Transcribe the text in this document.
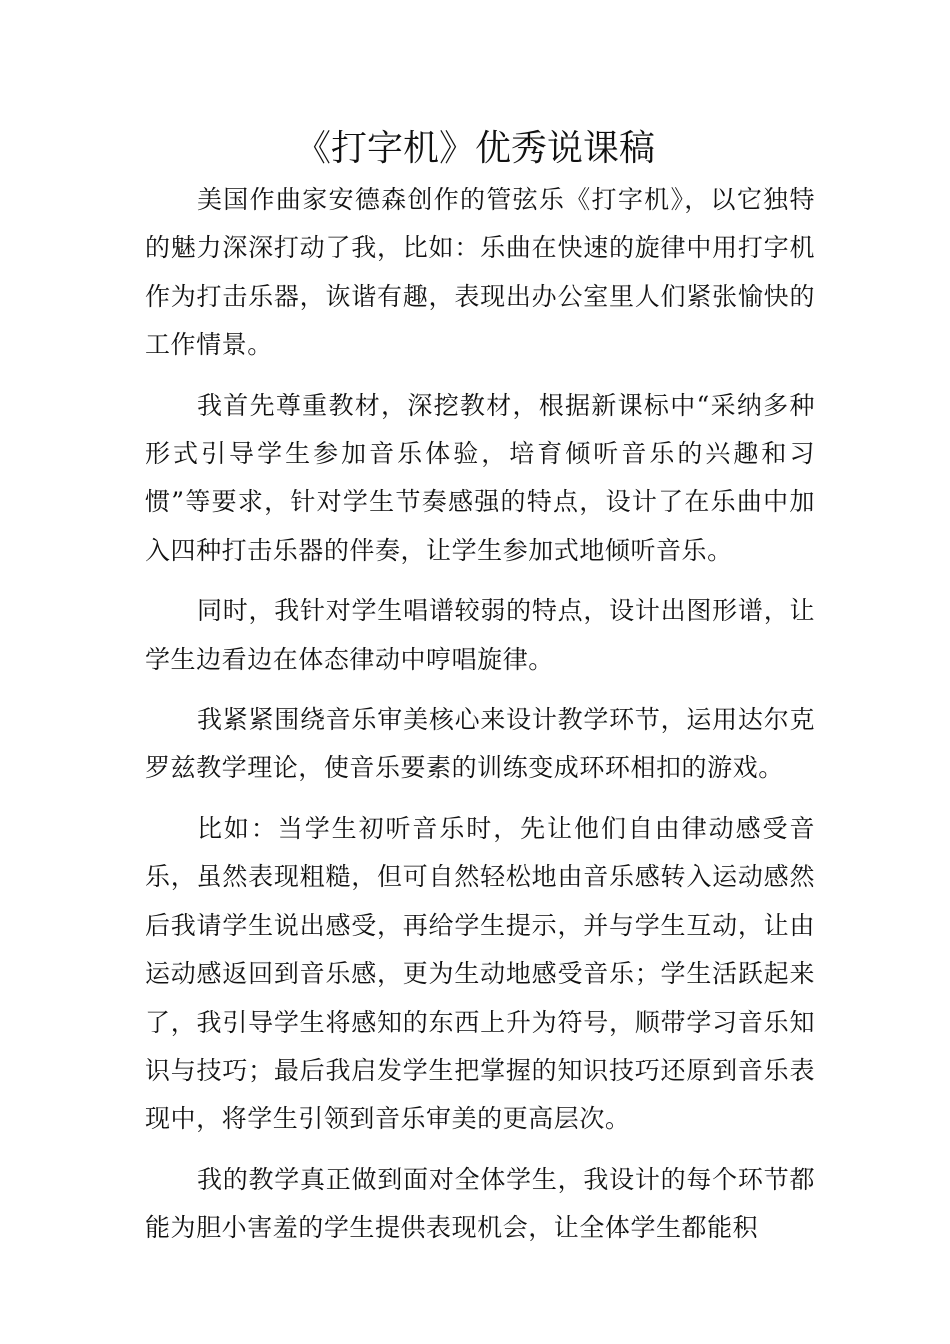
《打字机》优秀说课稿

美国作曲家安德森创作的管弦乐《打字机》，以它独特的魅力深深打动了我，比如：乐曲在快速的旋律中用打字机作为打击乐器，诙谐有趣，表现出办公室里人们紧张愉快的工作情景。

我首先尊重教材，深挖教材，根据新课标中“采纳多种形式引导学生参加音乐体验，培育倾听音乐的兴趣和习惯”等要求，针对学生节奏感强的特点，设计了在乐曲中加入四种打击乐器的伴奏，让学生参加式地倾听音乐。

同时，我针对学生唱谱较弱的特点，设计出图形谱，让学生边看边在体态律动中哼唱旋律。

我紧紧围绕音乐审美核心来设计教学环节，运用达尔克罗兹教学理论，使音乐要素的训练变成环环相扣的游戏。

比如：当学生初听音乐时，先让他们自由律动感受音乐，虽然表现粗糙，但可自然轻松地由音乐感转入运动感然后我请学生说出感受，再给学生提示，并与学生互动，让由运动感返回到音乐感，更为生动地感受音乐；学生活跃起来了，我引导学生将感知的东西上升为符号，顺带学习音乐知识与技巧；最后我启发学生把掌握的知识技巧还原到音乐表现中，将学生引领到音乐审美的更高层次。

我的教学真正做到面对全体学生，我设计的每个环节都能为胆小害羞的学生提供表现机会，让全体学生都能积
